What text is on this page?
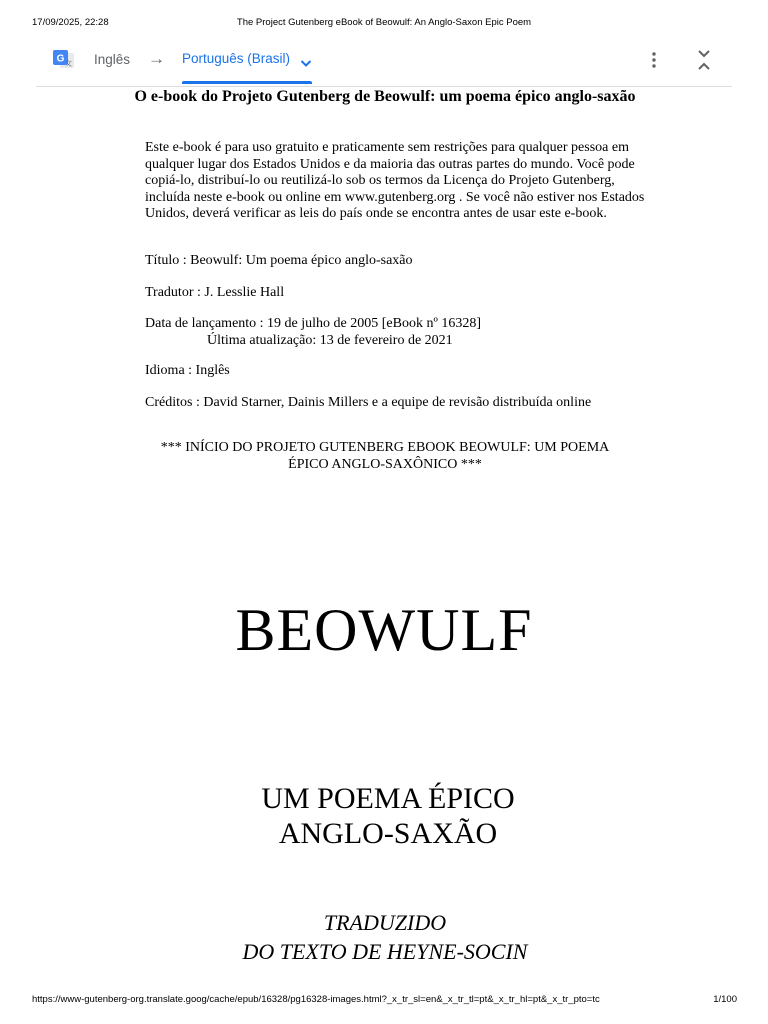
17/09/2025, 22:28	The Project Gutenberg eBook of Beowulf: An Anglo-Saxon Epic Poem
G 文 Inglês → Português (Brasil)
O e-book do Projeto Gutenberg de Beowulf: um poema épico anglo-saxão
Este e-book é para uso gratuito e praticamente sem restrições para qualquer pessoa em qualquer lugar dos Estados Unidos e da maioria das outras partes do mundo. Você pode copiá-lo, distribuí-lo ou reutilizá-lo sob os termos da Licença do Projeto Gutenberg, incluída neste e-book ou online em www.gutenberg.org . Se você não estiver nos Estados Unidos, deverá verificar as leis do país onde se encontra antes de usar este e-book.
Título : Beowulf: Um poema épico anglo-saxão
Tradutor : J. Lesslie Hall
Data de lançamento : 19 de julho de 2005 [eBook nº 16328]
Última atualização: 13 de fevereiro de 2021
Idioma : Inglês
Créditos : David Starner, Dainis Millers e a equipe de revisão distribuída online
*** INÍCIO DO PROJETO GUTENBERG EBOOK BEOWULF: UM POEMA
ÉPICO ANGLO-SAXÔNICO ***
BEOWULF
UM POEMA ÉPICO
ANGLO-SAXÃO
TRADUZIDO
DO TEXTO DE HEYNE-SOCIN
https://www-gutenberg-org.translate.goog/cache/epub/16328/pg16328-images.html?_x_tr_sl=en&_x_tr_tl=pt&_x_tr_hl=pt&_x_tr_pto=tc	1/100
